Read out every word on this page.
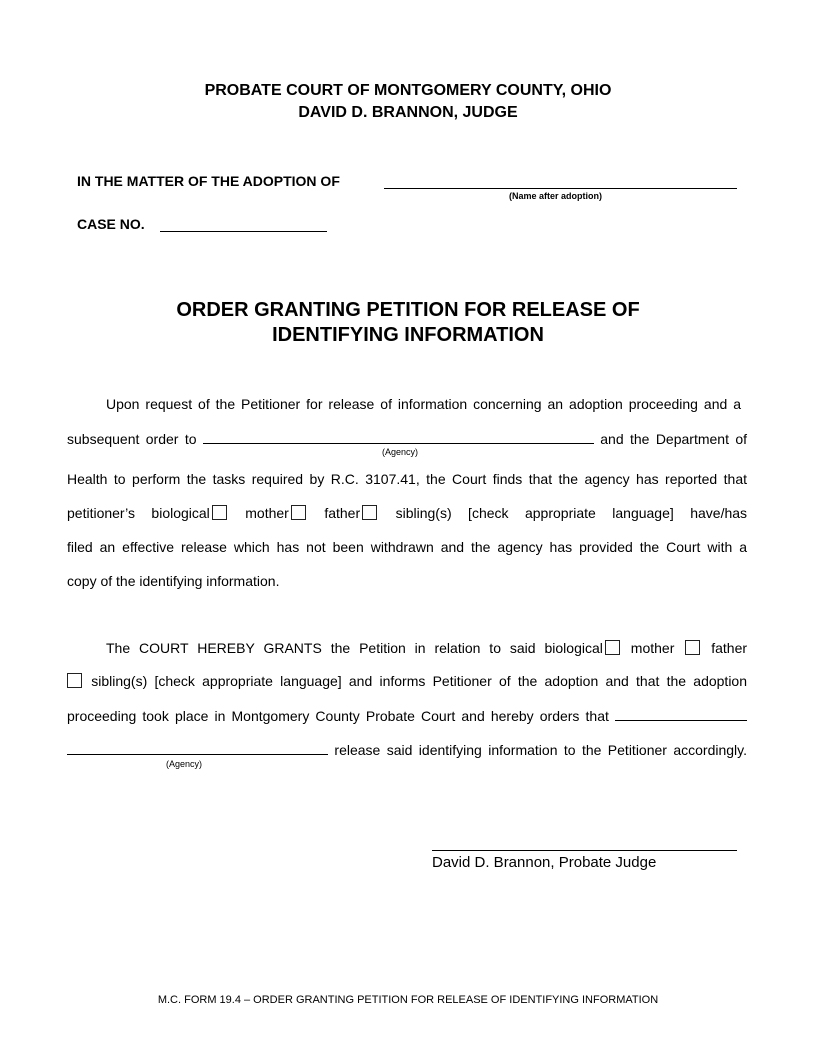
PROBATE COURT OF MONTGOMERY COUNTY, OHIO
DAVID D. BRANNON, JUDGE
IN THE MATTER OF THE ADOPTION OF
(Name after adoption)
CASE NO.
ORDER GRANTING PETITION FOR RELEASE OF
IDENTIFYING INFORMATION
Upon request of the Petitioner for release of information concerning an adoption proceeding and a
subsequent order to	and the Department of
(Agency)
Health to perform the tasks required by R.C. 3107.41, the Court finds that the agency has reported that
petitioner’s biological	mother	father	sibling(s) [check appropriate language] have/has
filed an effective release which has not been withdrawn and the agency has provided the Court with a
copy of the identifying information.
The COURT HEREBY GRANTS the Petition in relation to said biological mother	father
sibling(s) [check appropriate language] and informs Petitioner of the adoption and that the adoption
proceeding took place in Montgomery County Probate Court and hereby orders that
release said identifying information to the Petitioner accordingly.
(Agency)
David D. Brannon, Probate Judge
M.C. FORM 19.4 – ORDER GRANTING PETITION FOR RELEASE OF IDENTIFYING INFORMATION
